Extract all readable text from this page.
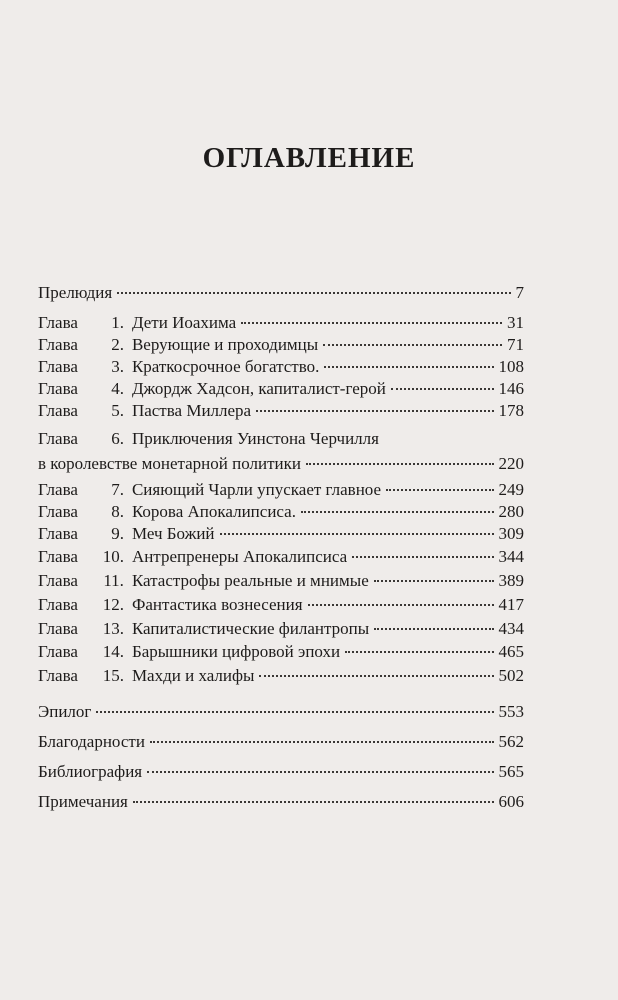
ОГЛАВЛЕНИЕ
Прелюдия	7
Глава	1. Дети Иоахима	31
Глава	2. Верующие и проходимцы	71
Глава	3. Краткосрочное богатство.	108
Глава	4. Джордж Хадсон, капиталист-герой	146
Глава	5. Паства Миллера	178
Глава	6. Приключения Уинстона Черчилля
в королевстве монетарной политики	220
Глава	7. Сияющий Чарли упускает главное	249
Глава	8. Корова Апокалипсиса.	280
Глава	9. Меч Божий	309
Глава	10. Антрепренеры Апокалипсиса	344
Глава	11. Катастрофы реальные и мнимые	389
Глава	12. Фантастика вознесения	417
Глава	13. Капиталистические филантропы	434
Глава	14. Барышники цифровой эпохи	465
Глава	15. Махди и халифы	502
Эпилог	553
Благодарности	562
Библиография	565
Примечания	606
